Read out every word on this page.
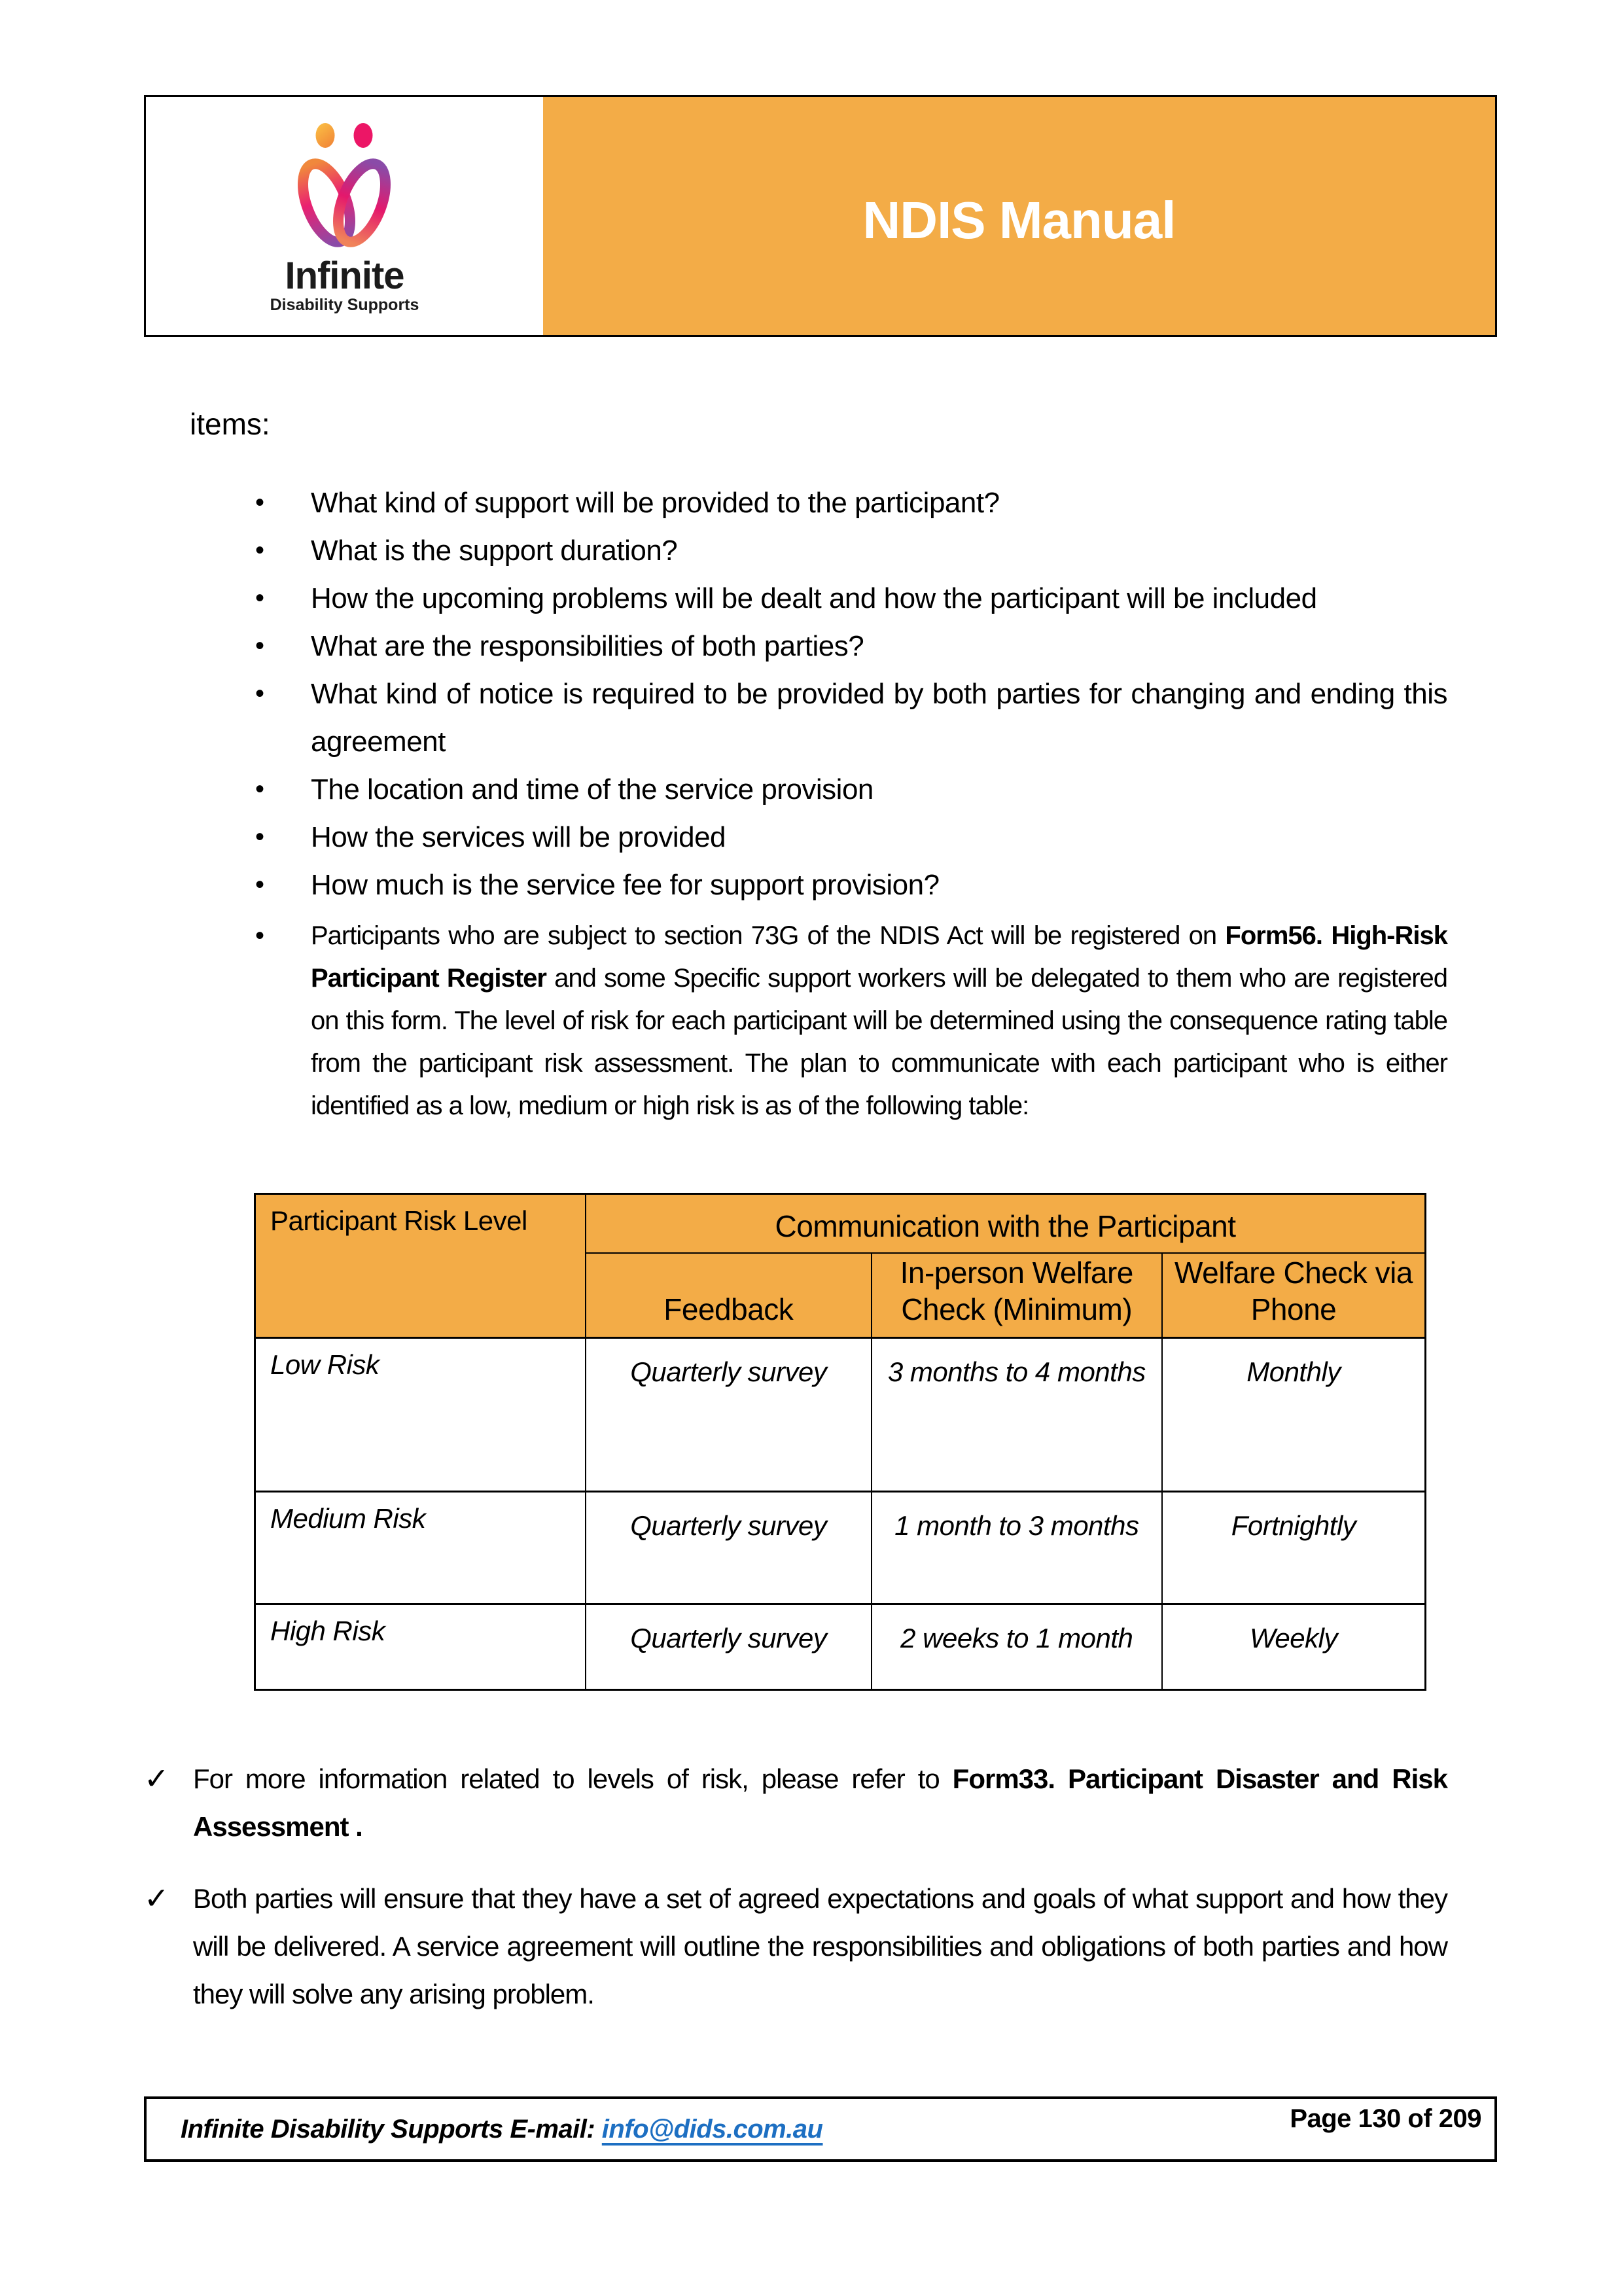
Infinite
Disability Supports
NDIS Manual
items:
•	What kind of support will be provided to the participant?
•	What is the support duration?
•	How the upcoming problems will be dealt and how the participant will be included
•	What are the responsibilities of both parties?
•	What kind of notice is required to be provided by both parties for changing and ending this agreement
•	The location and time of the service provision
•	How the services will be provided
•	How much is the service fee for support provision?
•	Participants who are subject to section 73G of the NDIS Act will be registered on Form56. High-Risk Participant Register and some Specific support workers will be delegated to them who are registered on this form. The level of risk for each participant will be determined using the consequence rating table from the participant risk assessment. The plan to communicate with each participant who is either identified as a low, medium or high risk is as of the following table:
Participant Risk Level	Communication with the Participant		
	Feedback	In-person Welfare Check (Minimum)	Welfare Check via Phone
Low Risk	Quarterly survey	3 months to 4 months	Monthly
Medium Risk	Quarterly survey	1 month to 3 months	Fortnightly
High Risk	Quarterly survey	2 weeks to 1 month	Weekly
✓ For more information related to levels of risk, please refer to Form33. Participant Disaster and Risk Assessment .
✓ Both parties will ensure that they have a set of agreed expectations and goals of what support and how they will be delivered. A service agreement will outline the responsibilities and obligations of both parties and how they will solve any arising problem.
Infinite Disability Supports E-mail: info@dids.com.au	Page 130 of 209
